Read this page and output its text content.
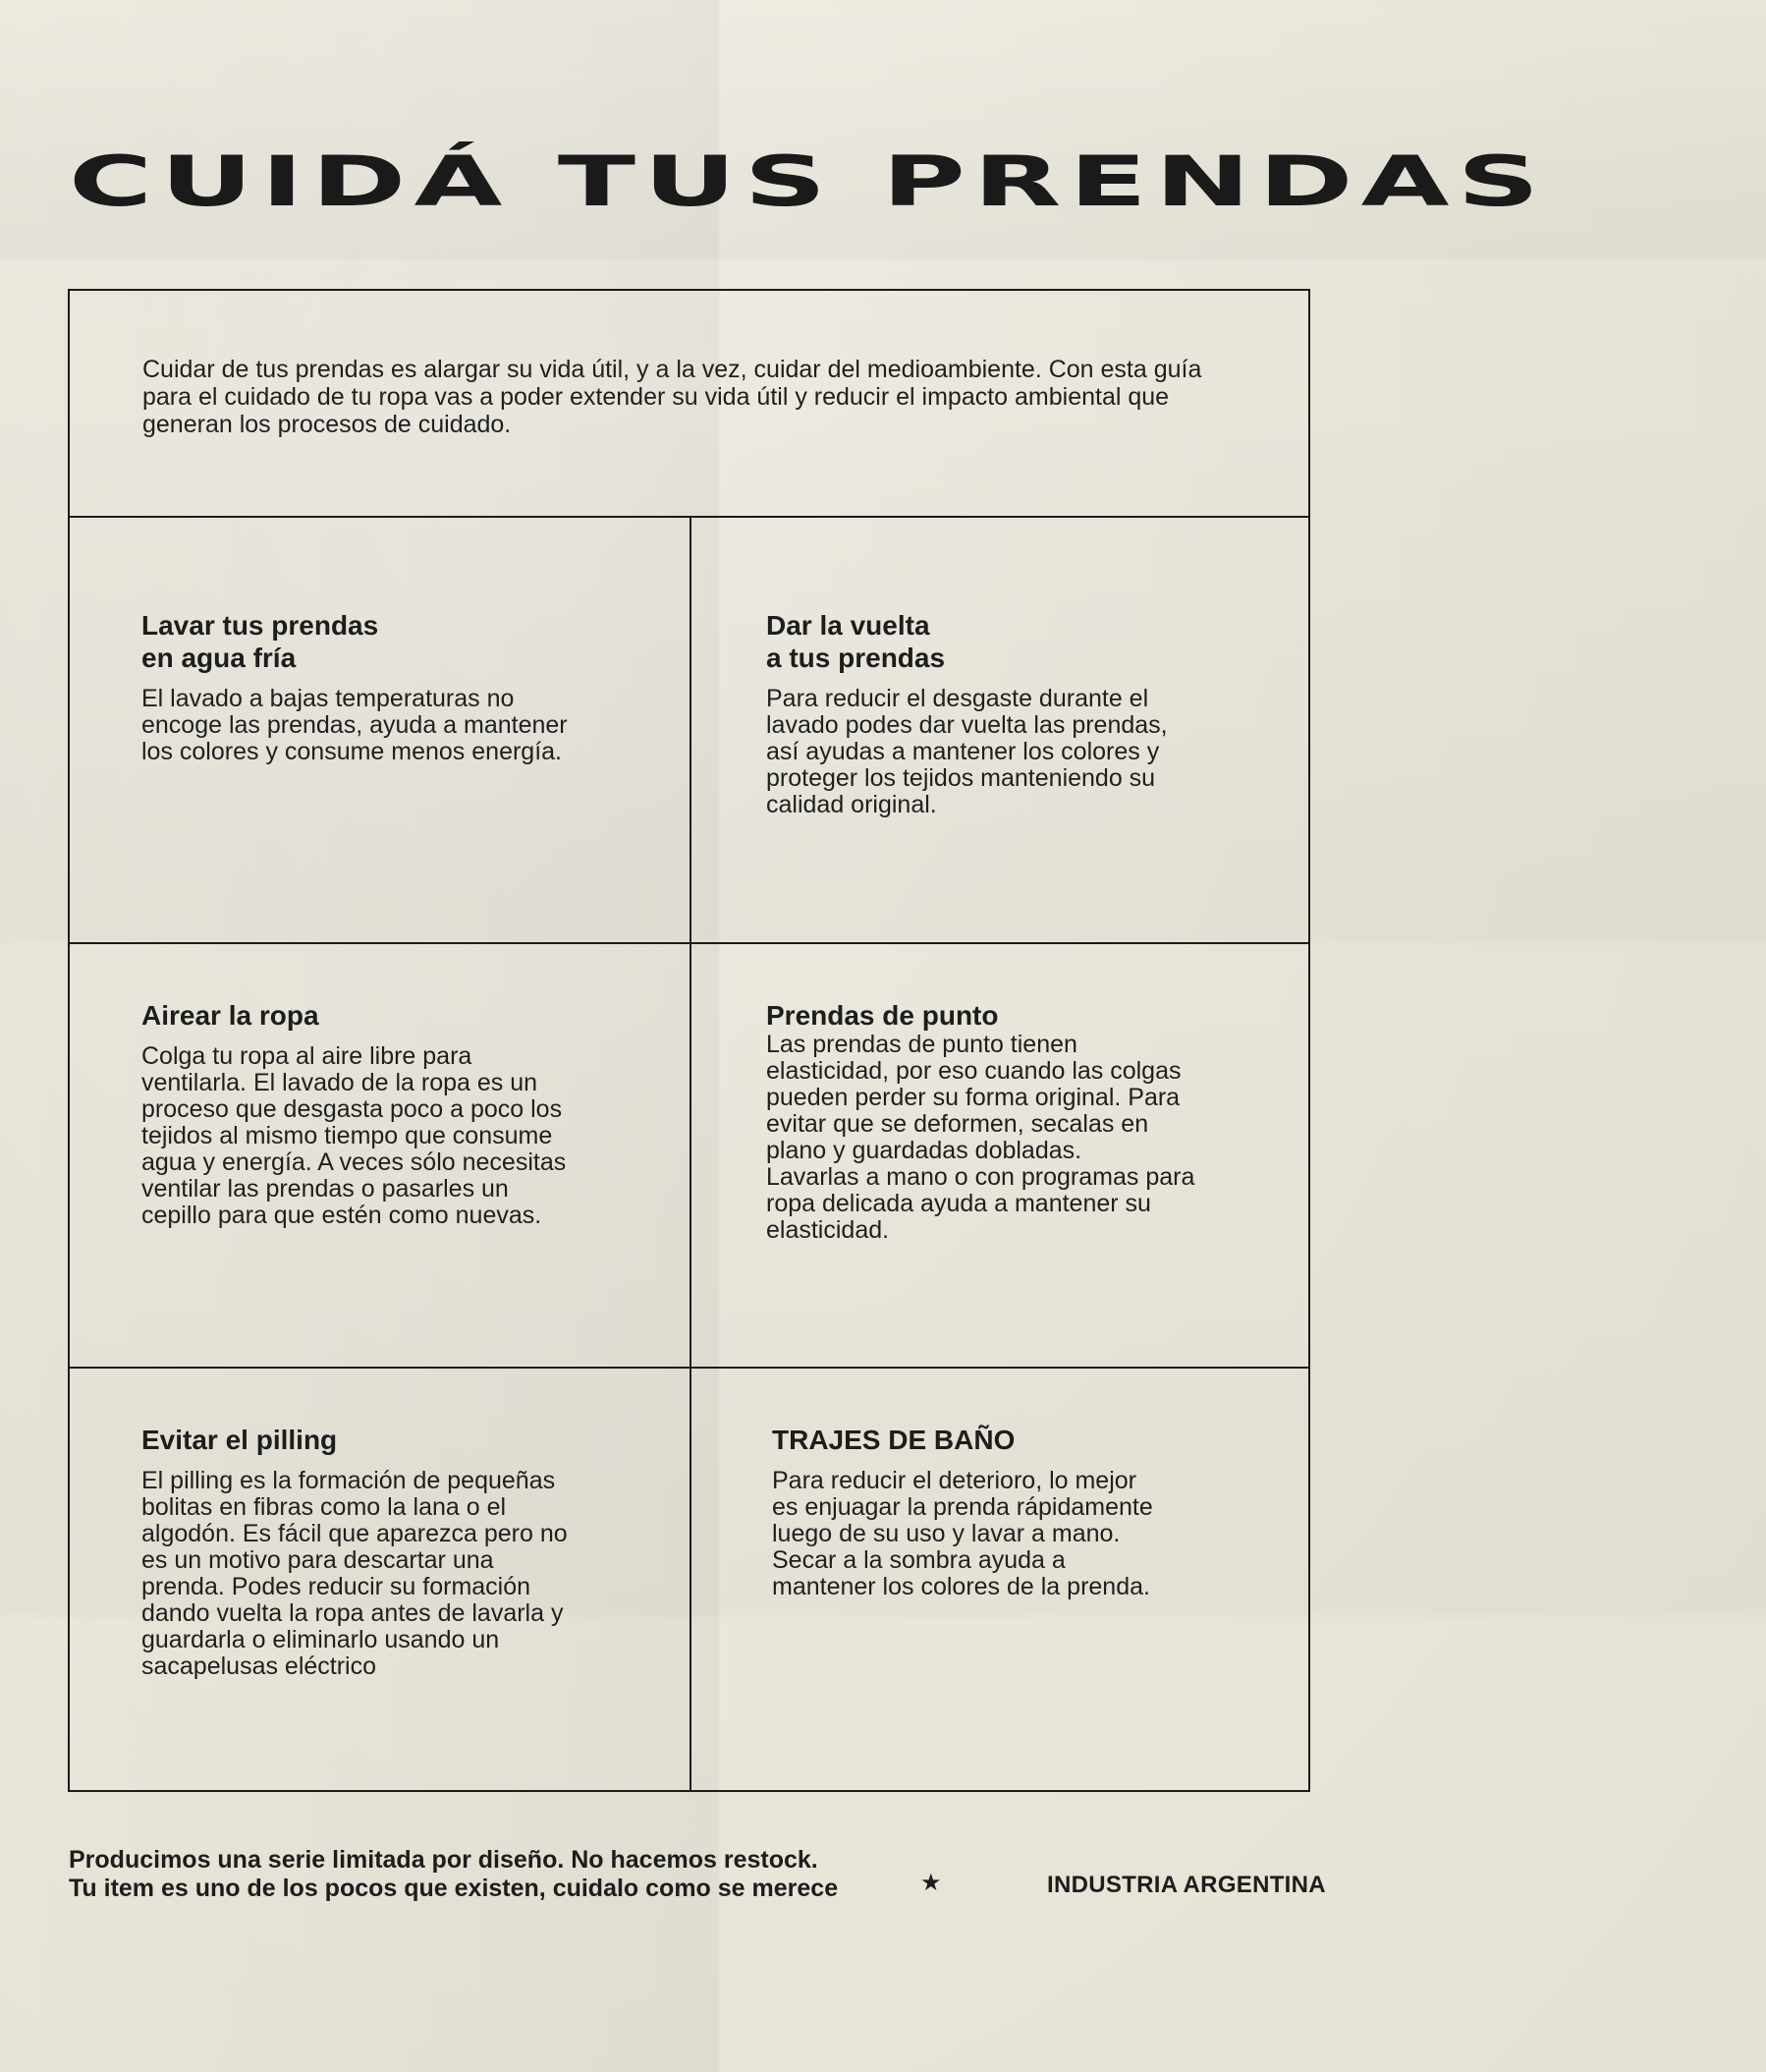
CUIDÁ TUS PRENDAS

Cuidar de tus prendas es alargar su vida útil, y a la vez, cuidar del medioambiente. Con esta guía para el cuidado de tu ropa vas a poder extender su vida útil y reducir el impacto ambiental que generan los procesos de cuidado.

Lavar tus prendas
en agua fría

El lavado a bajas temperaturas no
encoge las prendas, ayuda a mantener
los colores y consume menos energía.

Dar la vuelta
a tus prendas

Para reducir el desgaste durante el
lavado podes dar vuelta las prendas,
así ayudas a mantener los colores y
proteger los tejidos manteniendo su
calidad original.

Airear la ropa

Colga tu ropa al aire libre para
ventilarla. El lavado de la ropa es un
proceso que desgasta poco a poco los
tejidos al mismo tiempo que consume
agua y energía. A veces sólo necesitas
ventilar las prendas o pasarles un
cepillo para que estén como nuevas.

Prendas de punto

Las prendas de punto tienen
elasticidad, por eso cuando las colgas
pueden perder su forma original. Para
evitar que se deformen, secalas en
plano y guardadas dobladas.
Lavarlas a mano o con programas para
ropa delicada ayuda a mantener su
elasticidad.

Evitar el pilling

El pilling es la formación de pequeñas
bolitas en fibras como la lana o el
algodón. Es fácil que aparezca pero no
es un motivo para descartar una
prenda. Podes reducir su formación
dando vuelta la ropa antes de lavarla y
guardarla o eliminarlo usando un
sacapelusas eléctrico

TRAJES DE BAÑO

Para reducir el deterioro, lo mejor
es enjuagar la prenda rápidamente
luego de su uso y lavar a mano.
Secar a la sombra ayuda a
mantener los colores de la prenda.

Producimos una serie limitada por diseño. No hacemos restock.
Tu item es uno de los pocos que existen, cuidalo como se merece	★	INDUSTRIA ARGENTINA
